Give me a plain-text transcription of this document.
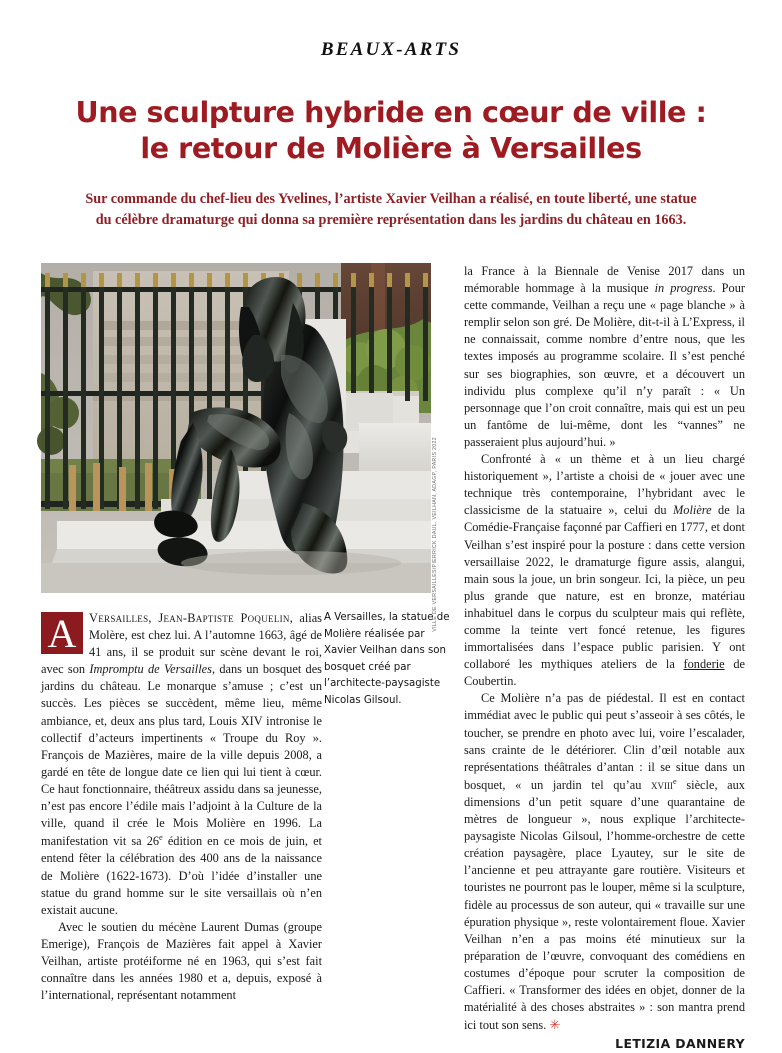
BEAUX-ARTS
Une sculpture hybride en cœur de ville :
le retour de Molière à Versailles
Sur commande du chef-lieu des Yvelines, l’artiste Xavier Veilhan a réalisé, en toute liberté, une statue
du célèbre dramaturge qui donna sa première représentation dans les jardins du château en 1663.
VILLE DE VERSAILLES/PIERRICK DAUL. VEILHAN, ADAGP, PARIS 2022

A	Versailles, Jean-Baptiste Poquelin, alias Molère, est chez lui. A l’automne 1663, âgé de 41 ans, il se produit sur scène devant le roi, avec son Impromptu de Versailles, dans un bosquet des jardins du château. Le monarque s’amuse ; c’est un succès. Les pièces se succèdent, même lieu, même ambiance, et, deux ans plus tard, Louis XIV intronise le collectif d’acteurs impertinents « Troupe du Roy ». François de Mazières, maire de la ville depuis 2008, a gardé en tête de longue date ce lien qui lui tient à cœur. Ce haut fonctionnaire, théâtreux assidu dans sa jeunesse, n’est pas encore l’édile mais l’adjoint à la Culture de la ville, quand il crée le Mois Molière en 1996. La manifestation vit sa 26e édition en ce mois de juin, et entend fêter la célébration des 400 ans de la naissance de Molière (1622-1673). D’où l’idée d’installer une statue du grand homme sur le site versaillais où n’en existait aucune.

Avec le soutien du mécène Laurent Dumas (groupe Emerige), François de Mazières fait appel à Xavier Veilhan, artiste protéiforme né en 1963, qui s’est fait connaître dans les années 1980 et a, depuis, exposé à l’international, représentant notamment

A Versailles, la statue de Molière réalisée par Xavier Veilhan dans son bosquet créé par l’architecte-paysagiste Nicolas Gilsoul.

la France à la Biennale de Venise 2017 dans un mémorable hommage à la musique in progress. Pour cette commande, Veilhan a reçu une « page blanche » à remplir selon son gré. De Molière, dit-t-il à L’Express, il ne connaissait, comme nombre d’entre nous, que les textes imposés au programme scolaire. Il s’est penché sur ses biographies, son œuvre, et a découvert un individu plus complexe qu’il n’y paraît : « Un personnage que l’on croit connaître, mais qui est un peu un fantôme de lui-même, dont les “vannes” ne passeraient plus aujourd’hui. »

Confronté à « un thème et à un lieu chargé historiquement », l’artiste a choisi de « jouer avec une technique très contemporaine, l’hybridant avec le classicisme de la statuaire », celui du Molière de la Comédie-Française façonné par Caffieri en 1777, et dont Veilhan s’est inspiré pour la posture : dans cette version versaillaise 2022, le dramaturge figure assis, alangui, main sous la joue, un brin songeur. Ici, la pièce, un peu plus grande que nature, est en bronze, matériau inhabituel dans le corpus du sculpteur mais qui reflète, comme la teinte vert foncé retenue, les figures immortalisées dans l’espace public parisien. Y ont collaboré les mythiques ateliers de la fonderie de Coubertin.

Ce Molière n’a pas de piédestal. Il est en contact immédiat avec le public qui peut s’asseoir à ses côtés, le toucher, se prendre en photo avec lui, voire l’escalader, sans crainte de le détériorer. Clin d’œil notable aux représentations théâtrales d’antan : il se situe dans un bosquet, « un jardin tel qu’au xviii$^e$ siècle, aux dimensions d’un petit square d’une quarantaine de mètres de longueur », nous explique l’architecte-paysagiste Nicolas Gilsoul, l’homme-orchestre de cette création paysagère, place Lyautey, sur le site de l’ancienne et peu attrayante gare routière. Visiteurs et touristes ne pourront pas le louper, même si la sculpture, fidèle au processus de son auteur, qui « travaille sur une épuration physique », reste volontairement floue. Xavier Veilhan n’en a pas moins été minutieux sur la préparation de l’œuvre, convoquant des comédiens en costumes d’époque pour scruter la composition de Caffieri. « Transformer des idées en objet, donner de la matérialité à des choses abstraites » : son mantra prend ici tout son sens. ✳

LETIZIA DANNERY
